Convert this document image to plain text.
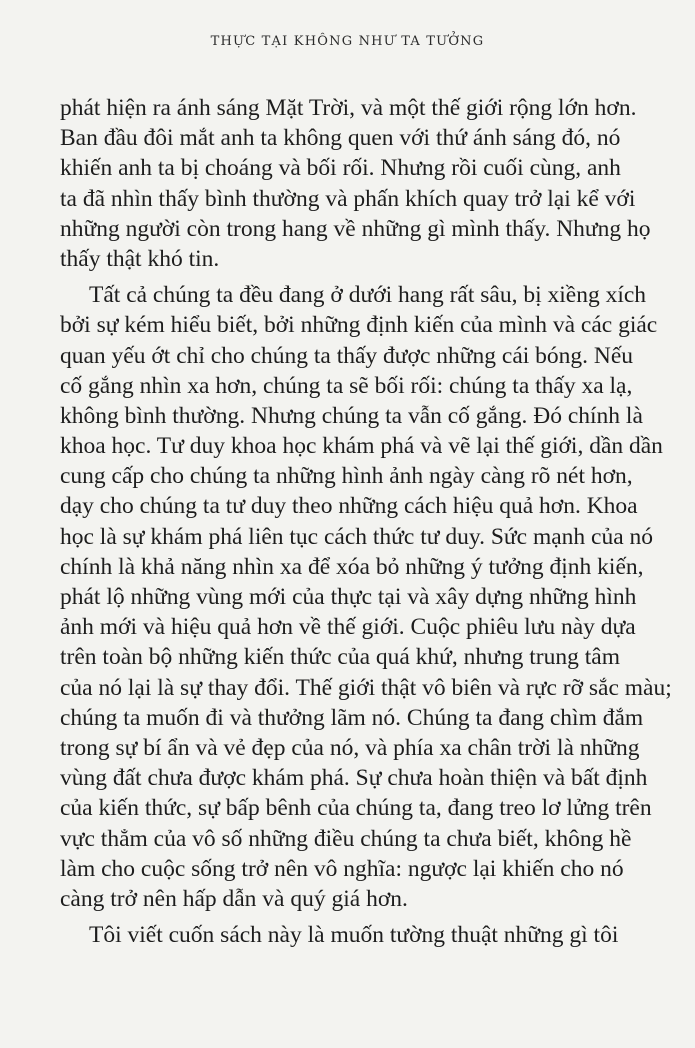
THỰC TẠI KHÔNG NHƯ TA TƯỞNG
phát hiện ra ánh sáng Mặt Trời, và một thế giới rộng lớn hơn.
Ban đầu đôi mắt anh ta không quen với thứ ánh sáng đó, nó
khiến anh ta bị choáng và bối rối. Nhưng rồi cuối cùng, anh
ta đã nhìn thấy bình thường và phấn khích quay trở lại kể với
những người còn trong hang về những gì mình thấy. Nhưng họ
thấy thật khó tin.
Tất cả chúng ta đều đang ở dưới hang rất sâu, bị xiềng xích
bởi sự kém hiểu biết, bởi những định kiến của mình và các giác
quan yếu ớt chỉ cho chúng ta thấy được những cái bóng. Nếu
cố gắng nhìn xa hơn, chúng ta sẽ bối rối: chúng ta thấy xa lạ,
không bình thường. Nhưng chúng ta vẫn cố gắng. Đó chính là
khoa học. Tư duy khoa học khám phá và vẽ lại thế giới, dần dần
cung cấp cho chúng ta những hình ảnh ngày càng rõ nét hơn,
dạy cho chúng ta tư duy theo những cách hiệu quả hơn. Khoa
học là sự khám phá liên tục cách thức tư duy. Sức mạnh của nó
chính là khả năng nhìn xa để xóa bỏ những ý tưởng định kiến,
phát lộ những vùng mới của thực tại và xây dựng những hình
ảnh mới và hiệu quả hơn về thế giới. Cuộc phiêu lưu này dựa
trên toàn bộ những kiến thức của quá khứ, nhưng trung tâm
của nó lại là sự thay đổi. Thế giới thật vô biên và rực rỡ sắc màu;
chúng ta muốn đi và thưởng lãm nó. Chúng ta đang chìm đắm
trong sự bí ẩn và vẻ đẹp của nó, và phía xa chân trời là những
vùng đất chưa được khám phá. Sự chưa hoàn thiện và bất định
của kiến thức, sự bấp bênh của chúng ta, đang treo lơ lửng trên
vực thẳm của vô số những điều chúng ta chưa biết, không hề
làm cho cuộc sống trở nên vô nghĩa: ngược lại khiến cho nó
càng trở nên hấp dẫn và quý giá hơn.
Tôi viết cuốn sách này là muốn tường thuật những gì tôi
